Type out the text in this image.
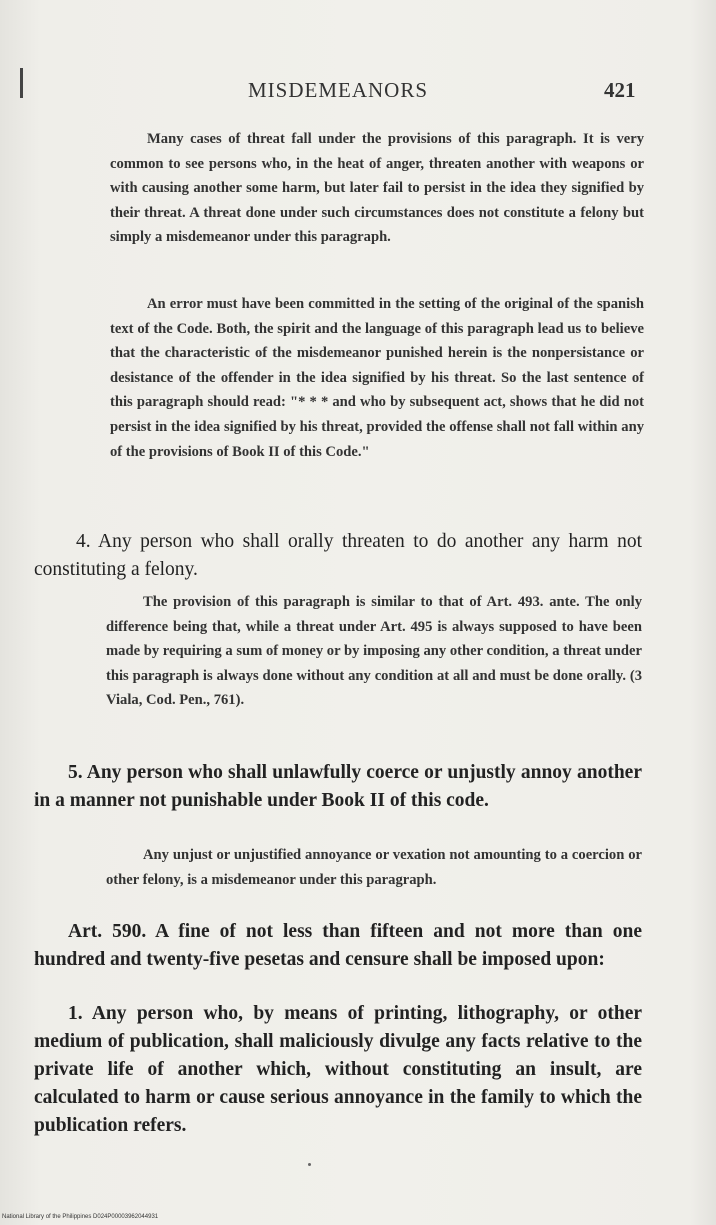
MISDEMEANORS	421

Many cases of threat fall under the provisions of this paragraph. It is very common to see persons who, in the heat of anger, threaten another with weapons or with causing another some harm, but later fail to persist in the idea they signified by their threat. A threat done under such circumstances does not constitute a felony but simply a misdemeanor under this paragraph.

An error must have been committed in the setting of the original of the spanish text of the Code. Both, the spirit and the language of this paragraph lead us to believe that the characteristic of the misdemeanor punished herein is the nonpersistance or desistance of the offender in the idea signified by his threat. So the last sentence of this paragraph should read: "* * * and who by subsequent act, shows that he did not persist in the idea signified by his threat, provided the offense shall not fall within any of the provisions of Book II of this Code."

4. Any person who shall orally threaten to do another any harm not constituting a felony.

The provision of this paragraph is similar to that of Art. 493. ante. The only difference being that, while a threat under Art. 495 is always supposed to have been made by requiring a sum of money or by imposing any other condition, a threat under this paragraph is always done without any condition at all and must be done orally. (3 Viala, Cod. Pen., 761).

5. Any person who shall unlawfully coerce or unjustly annoy another in a manner not punishable under Book II of this code.

Any unjust or unjustified annoyance or vexation not amounting to a coercion or other felony, is a misdemeanor under this paragraph.

Art. 590. A fine of not less than fifteen and not more than one hundred and twenty-five pesetas and censure shall be imposed upon:

1. Any person who, by means of printing, lithography, or other medium of publication, shall maliciously divulge any facts relative to the private life of another which, without constituting an insult, are calculated to harm or cause serious annoyance in the family to which the publication refers.

National Library of the Philippines D024P00003962044931
